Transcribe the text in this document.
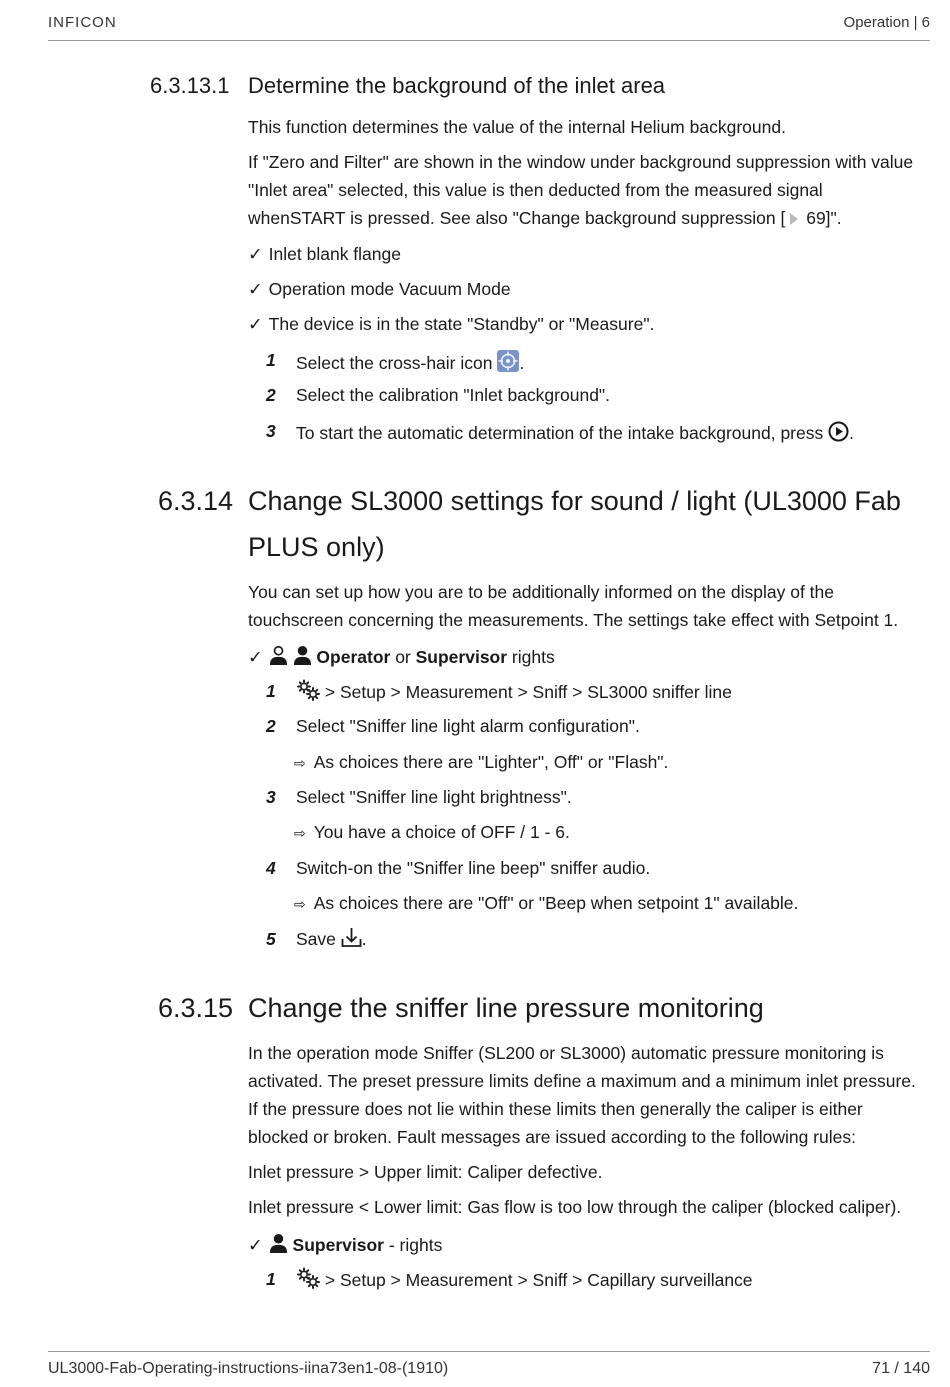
INFICON	Operation | 6
6.3.13.1 Determine the background of the inlet area
This function determines the value of the internal Helium background.
If "Zero and Filter" are shown in the window under background suppression with value
"Inlet area" selected, this value is then deducted from the measured signal
whenSTART is pressed. See also "Change background suppression [ 69]".
✓ Inlet blank flange
✓ Operation mode Vacuum Mode
✓ The device is in the state "Standby" or "Measure".
1 Select the cross-hair icon .
2 Select the calibration "Inlet background".
3 To start the automatic determination of the intake background, press .
6.3.14 Change SL3000 settings for sound / light (UL3000 Fab
PLUS only)
You can set up how you are to be additionally informed on the display of the
touchscreen concerning the measurements. The settings take effect with Setpoint 1.
✓	Operator or Supervisor rights
1	> Setup > Measurement > Sniff > SL3000 sniffer line
2 Select "Sniffer line light alarm configuration".
⇨ As choices there are "Lighter", Off" or "Flash".
3 Select "Sniffer line light brightness".
⇨ You have a choice of OFF / 1 - 6.
4 Switch-on the "Sniffer line beep" sniffer audio.
⇨ As choices there are "Off" or "Beep when setpoint 1" available.
5 Save .
6.3.15 Change the sniffer line pressure monitoring
In the operation mode Sniffer (SL200 or SL3000) automatic pressure monitoring is
activated. The preset pressure limits define a maximum and a minimum inlet pressure.
If the pressure does not lie within these limits then generally the caliper is either
blocked or broken. Fault messages are issued according to the following rules:
Inlet pressure > Upper limit: Caliper defective.
Inlet pressure < Lower limit: Gas flow is too low through the caliper (blocked caliper).
✓ Supervisor - rights
1	> Setup > Measurement > Sniff > Capillary surveillance
UL3000-Fab-Operating-instructions-iina73en1-08-(1910)	71 / 140
